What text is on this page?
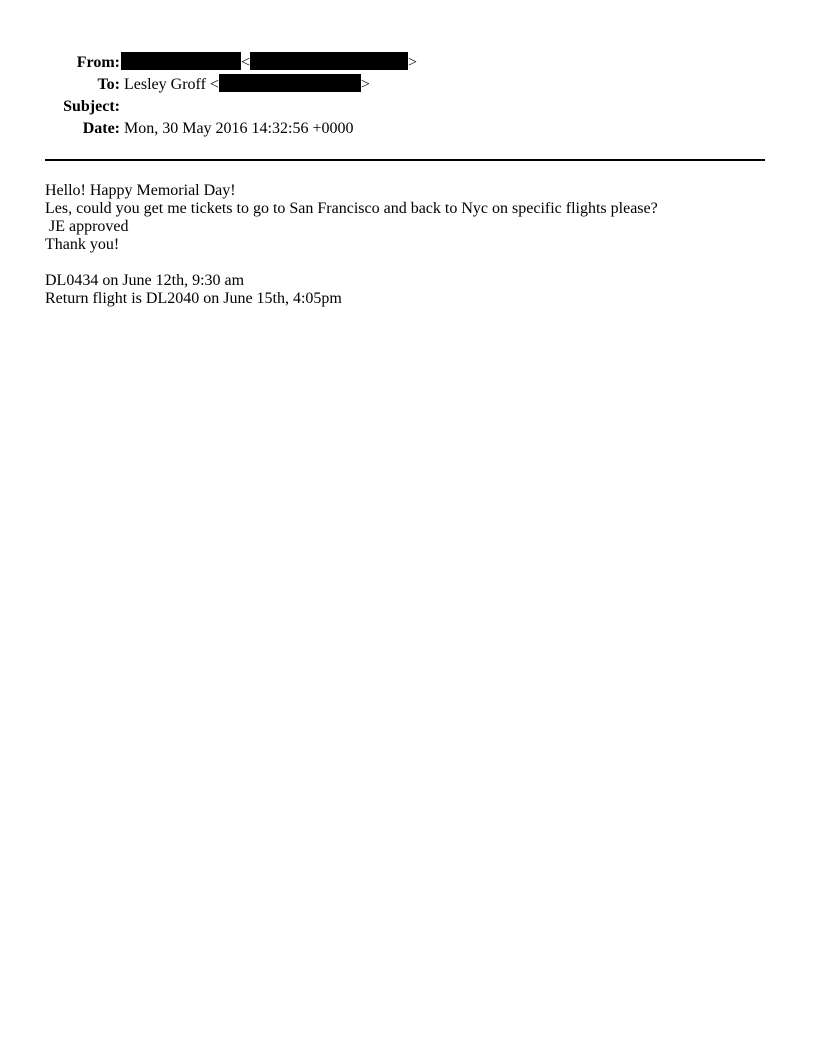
From:	<	>
To: Lesley Groff <	>
Subject:
Date: Mon, 30 May 2016 14:32:56 +0000
Hello! Happy Memorial Day!
Les, could you get me tickets to go to San Francisco and back to Nyc on specific flights please?
JE approved
Thank you!
DL0434 on June 12th, 9:30 am
Return flight is DL2040 on June 15th, 4:05pm
